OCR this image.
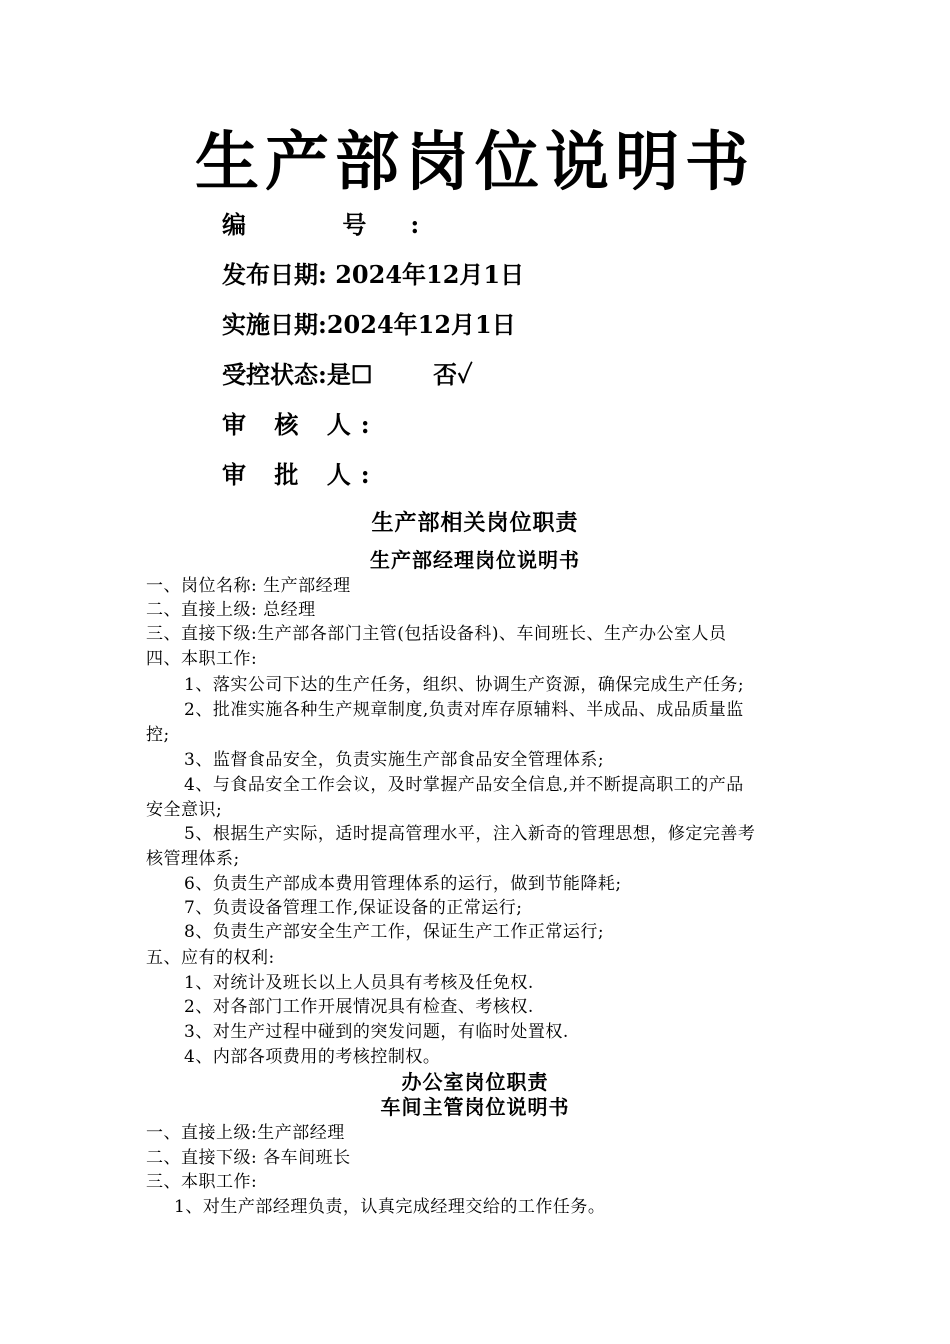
生产部岗位说明书
编 号:
发布日期: 2024年12月1日
实施日期:2024年12月1日
受控状态:是☐	否✓
审 核 人:
审 批 人:
生产部相关岗位职责
生产部经理岗位说明书
一、岗位名称: 生产部经理
二、直接上级: 总经理
三、直接下级:生产部各部门主管(包括设备科)、车间班长、生产办公室人员
四、本职工作:
1、落实公司下达的生产任务，组织、协调生产资源，确保完成生产任务;
2、批准实施各种生产规章制度,负责对库存原辅料、半成品、成品质量监
控;
3、监督食品安全，负责实施生产部食品安全管理体系;
4、与食品安全工作会议，及时掌握产品安全信息,并不断提高职工的产品
安全意识;
5、根据生产实际，适时提高管理水平，注入新奇的管理思想，修定完善考
核管理体系;
6、负责生产部成本费用管理体系的运行，做到节能降耗;
7、负责设备管理工作,保证设备的正常运行;
8、负责生产部安全生产工作，保证生产工作正常运行;
五、应有的权利:
1、对统计及班长以上人员具有考核及任免权.
2、对各部门工作开展情况具有检查、考核权.
3、对生产过程中碰到的突发问题，有临时处置权.
4、内部各项费用的考核控制权。
办公室岗位职责
车间主管岗位说明书
一、直接上级:生产部经理
二、直接下级: 各车间班长
三、本职工作:
1、对生产部经理负责，认真完成经理交给的工作任务。
